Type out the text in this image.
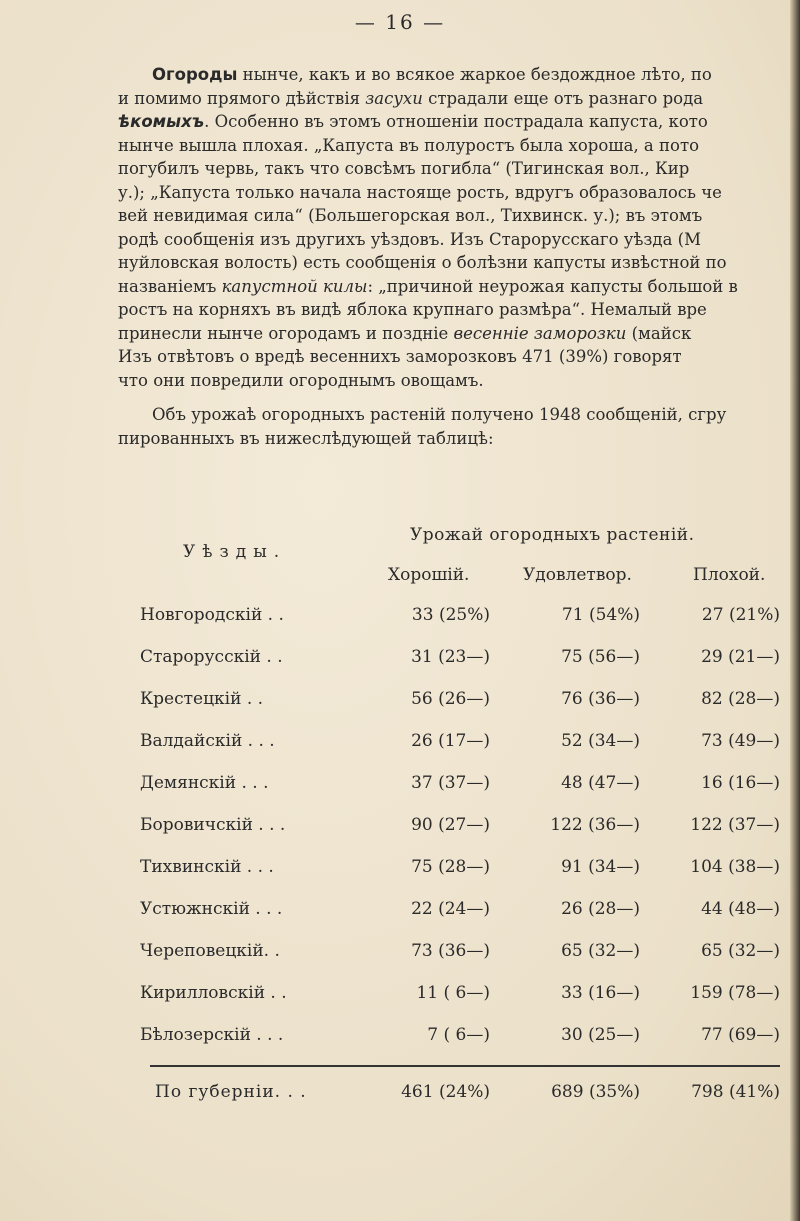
— 16 —
Огороды нынче, какъ и во всякое жаркое бездождное лѣто, по
и помимо прямого дѣйствія засухи страдали еще отъ разнаго рода
ѣкомыхъ. Особенно въ этомъ отношеніи пострадала капуста, кото
нынче вышла плохая. „Капуста въ полуростъ была хороша, а пото
погубилъ червь, такъ что совсѣмъ погибла“ (Тигинская вол., Кир
у.); „Капуста только начала настояще рость, вдругъ образовалось че
вей невидимая сила“ (Большегорская вол., Тихвинск. у.); въ этомъ
родѣ сообщенія изъ другихъ уѣздовъ. Изъ Старорусскаго уѣзда (М
нуйловская волость) есть сообщенія о болѣзни капусты извѣстной по
названіемъ капустной килы: „причиной неурожая капусты большой в
ростъ на корняхъ въ видѣ яблока крупнаго размѣра“. Немалый вре
принесли нынче огородамъ и поздніе весенніе заморозки (майск
Изъ отвѣтовъ о вредѣ весеннихъ заморозковъ 471 (39%) говорят
что они повредили огороднымъ овощамъ.
Объ урожаѣ огородныхъ растеній получено 1948 сообщеній, сгру
пированныхъ въ нижеслѣдующей таблицѣ:
Уѣзды.
Урожай огородныхъ растеній.
Хорошій.	Удовлетвор.	Плохой.
Новгородскій . .	33 (25%)	71 (54%)	27 (21%)
Старорусскій . .	31 (23—)	75 (56—)	29 (21—)
Крестецкій . .	56 (26—)	76 (36—)	82 (28—)
Валдайскій . . .	26 (17—)	52 (34—)	73 (49—)
Демянскій . . .	37 (37—)	48 (47—)	16 (16—)
Боровичскій . . .	90 (27—)	122 (36—)	122 (37—)
Тихвинскій . . .	75 (28—)	91 (34—)	104 (38—)
Устюжнскій . . .	22 (24—)	26 (28—)	44 (48—)
Череповецкій. .	73 (36—)	65 (32—)	65 (32—)
Кирилловскій . .	11 ( 6—)	33 (16—)	159 (78—)
Бѣлозерскій . . .	7 ( 6—)	30 (25—)	77 (69—)
По губерніи. . .	461 (24%)	689 (35%)	798 (41%)
